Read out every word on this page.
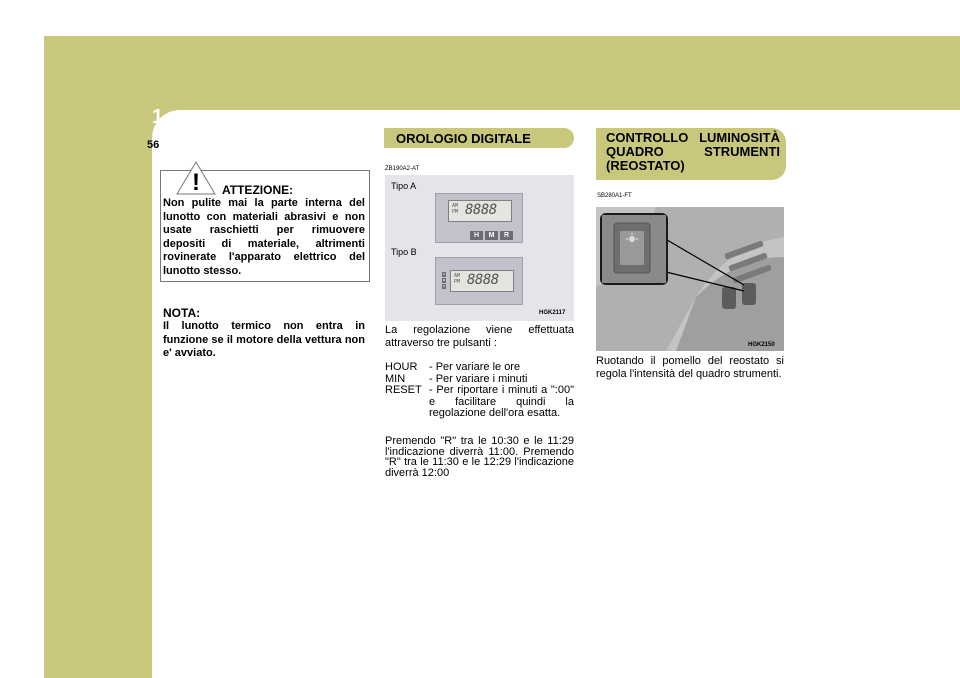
1 CARATTERISTICHE DELLA VETTURA
56
! ATTEZIONE:
Non pulite mai la parte interna del lunotto con materiali abrasivi e non usate raschietti per rimuovere depositi di materiale, altrimenti rovinerate l'apparato elettrico del lunotto stesso.
NOTA:
Il lunotto termico non entra in funzione se il motore della vettura non e' avviato.
OROLOGIO DIGITALE
ZB190A2-AT
Tipo A
Tipo B
AM
PM 8888
H	M	R
H
M
R
AM
PM 8888
HGK2117
La regolazione viene effettuata attraverso tre pulsanti :
HOUR	- Per variare le ore
MIN	- Per variare i minuti
RESET - Per riportare i minuti a ":00" e facilitare quindi la regolazione dell'ora esatta.
Premendo "R" tra le 10:30 e le 11:29 l'indicazione diverrà 11:00. Premendo "R" tra le 11:30 e le 12:29 l'indicazione diverrà 12:00
CONTROLLO LUMINOSITÀ QUADRO STRUMENTI (REOSTATO)
SB280A1-FT
HGK2150
Ruotando il pomello del reostato si regola l'intensità del quadro strumenti.
